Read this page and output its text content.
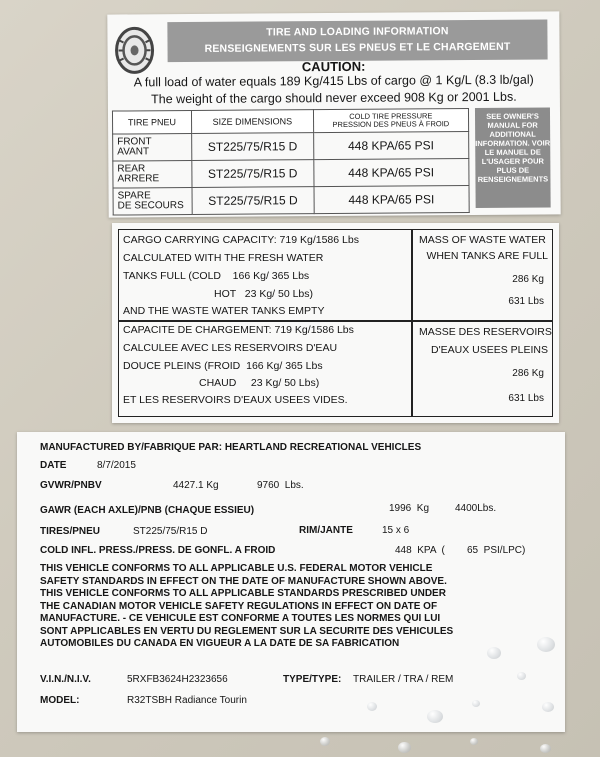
TIRE AND LOADING INFORMATION
RENSEIGNEMENTS SUR LES PNEUS ET LE CHARGEMENT
CAUTION:
A full load of water equals 189 Kg/415 Lbs of cargo @ 1 Kg/L (8.3 lb/gal)
The weight of the cargo should never exceed 908 Kg or 2001 Lbs.
TIRE PNEU	SIZE DIMENSIONS	COLD TIRE PRESSURE
PRESSION DES PNEUS À FROID

FRONT
AVANT	ST225/75/R15 D	448 KPA/65 PSI

REAR
ARRERE	ST225/75/R15 D	448 KPA/65 PSI

SPARE
DE SECOURS	ST225/75/R15 D	448 KPA/65 PSI
SEE OWNER'S MANUAL FOR ADDITIONAL INFORMATION. VOIR LE MANUEL DE L'USAGER POUR PLUS DE RENSEIGNEMENTS
CARGO CARRYING CAPACITY: 719 Kg/1586 Lbs
CALCULATED WITH THE FRESH WATER
TANKS FULL (COLD    166 Kg/ 365 Lbs
HOT   23 Kg/ 50 Lbs)
AND THE WASTE WATER TANKS EMPTY
CAPACITE DE CHARGEMENT: 719 Kg/1586 Lbs
CALCULEE AVEC LES RESERVOIRS D'EAU
DOUCE PLEINS (FROID  166 Kg/ 365 Lbs
CHAUD     23 Kg/ 50 Lbs)
ET LES RESERVOIRS D'EAUX USEES VIDES.
MASS OF WASTE WATER
WHEN TANKS ARE FULL
286 Kg
631 Lbs
MASSE DES RESERVOIRS
D'EAUX USEES PLEINS
286 Kg
631 Lbs
MANUFACTURED BY/FABRIQUE PAR: HEARTLAND RECREATIONAL VEHICLES
DATE	8/7/2015
GVWR/PNBV	4427.1 Kg	9760  Lbs.
GAWR (EACH AXLE)/PNB (CHAQUE ESSIEU)	1996  Kg	4400Lbs.
TIRES/PNEU	ST225/75/R15 D	RIM/JANTE	15 x 6
COLD INFL. PRESS./PRESS. DE GONFL. A FROID	448  KPA  ( 65  PSI/LPC)
THIS VEHICLE CONFORMS TO ALL APPLICABLE U.S. FEDERAL MOTOR VEHICLE
SAFETY STANDARDS IN EFFECT ON THE DATE OF MANUFACTURE SHOWN ABOVE.
THIS VEHICLE CONFORMS TO ALL APPLICABLE STANDARDS PRESCRIBED UNDER
THE CANADIAN MOTOR VEHICLE SAFETY REGULATIONS IN EFFECT ON DATE OF
MANUFACTURE. - CE VEHICULE EST CONFORME A TOUTES LES NORMES QUI LUI
SONT APPLICABLES EN VERTU DU REGLEMENT SUR LA SECURITE DES VEHICULES
AUTOMOBILES DU CANADA EN VIGUEUR A LA DATE DE SA FABRICATION
V.I.N./N.I.V.	5RXFB3624H2323656	TYPE/TYPE: TRAILER / TRA / REM
MODEL:	R32TSBH Radiance Tourin
